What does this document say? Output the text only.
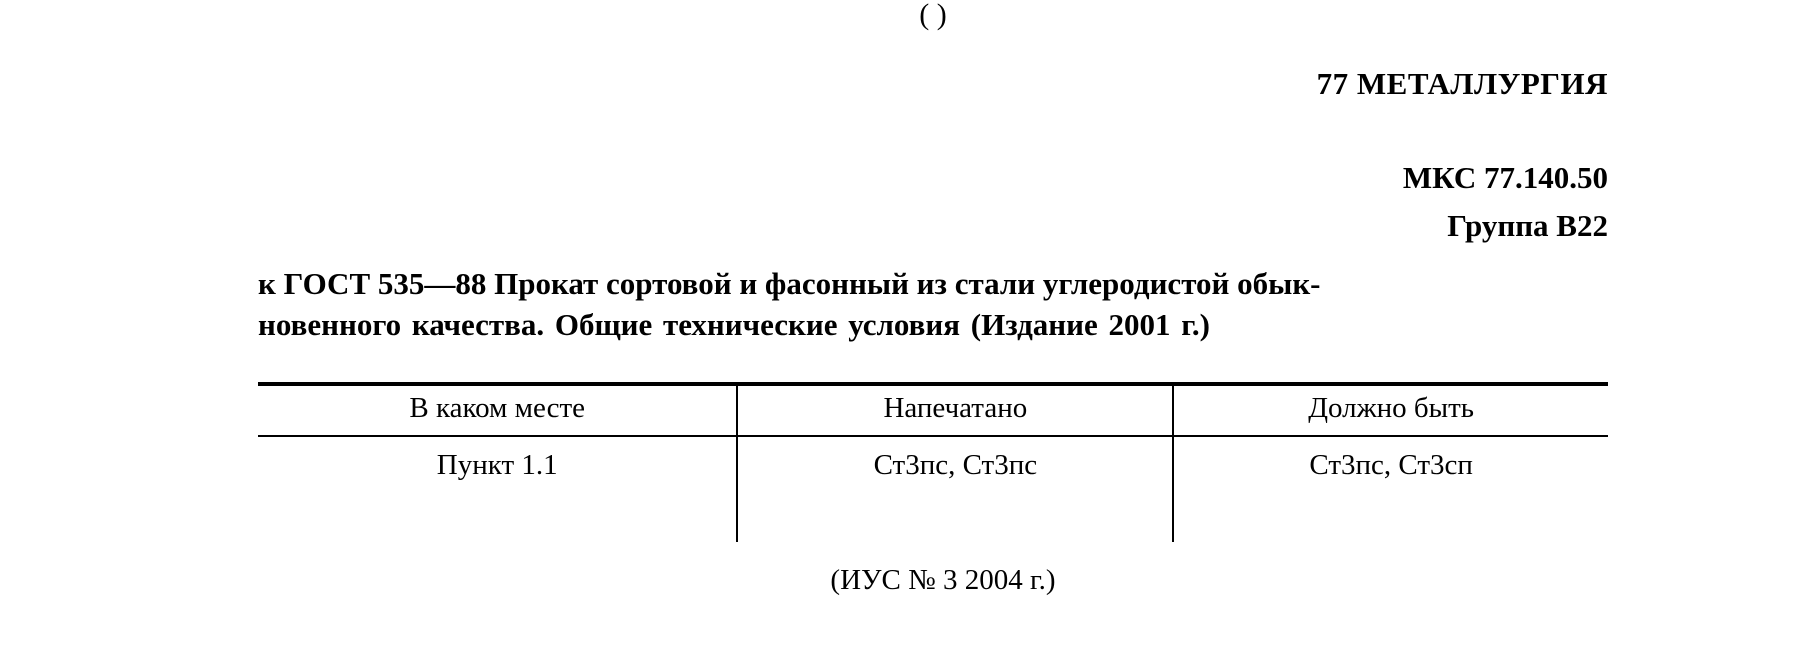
( )
77 МЕТАЛЛУРГИЯ
МКС 77.140.50
Группа В22
к ГОСТ 535—88 Прокат сортовой и фасонный из стали углеродистой обык-
новенного качества. Общие технические условия (Издание 2001 г.)

В каком месте	Напечатано	Должно быть
Пункт 1.1	Ст3пс, Ст3пс	Ст3пс, Ст3сп
(ИУС № 3 2004 г.)
